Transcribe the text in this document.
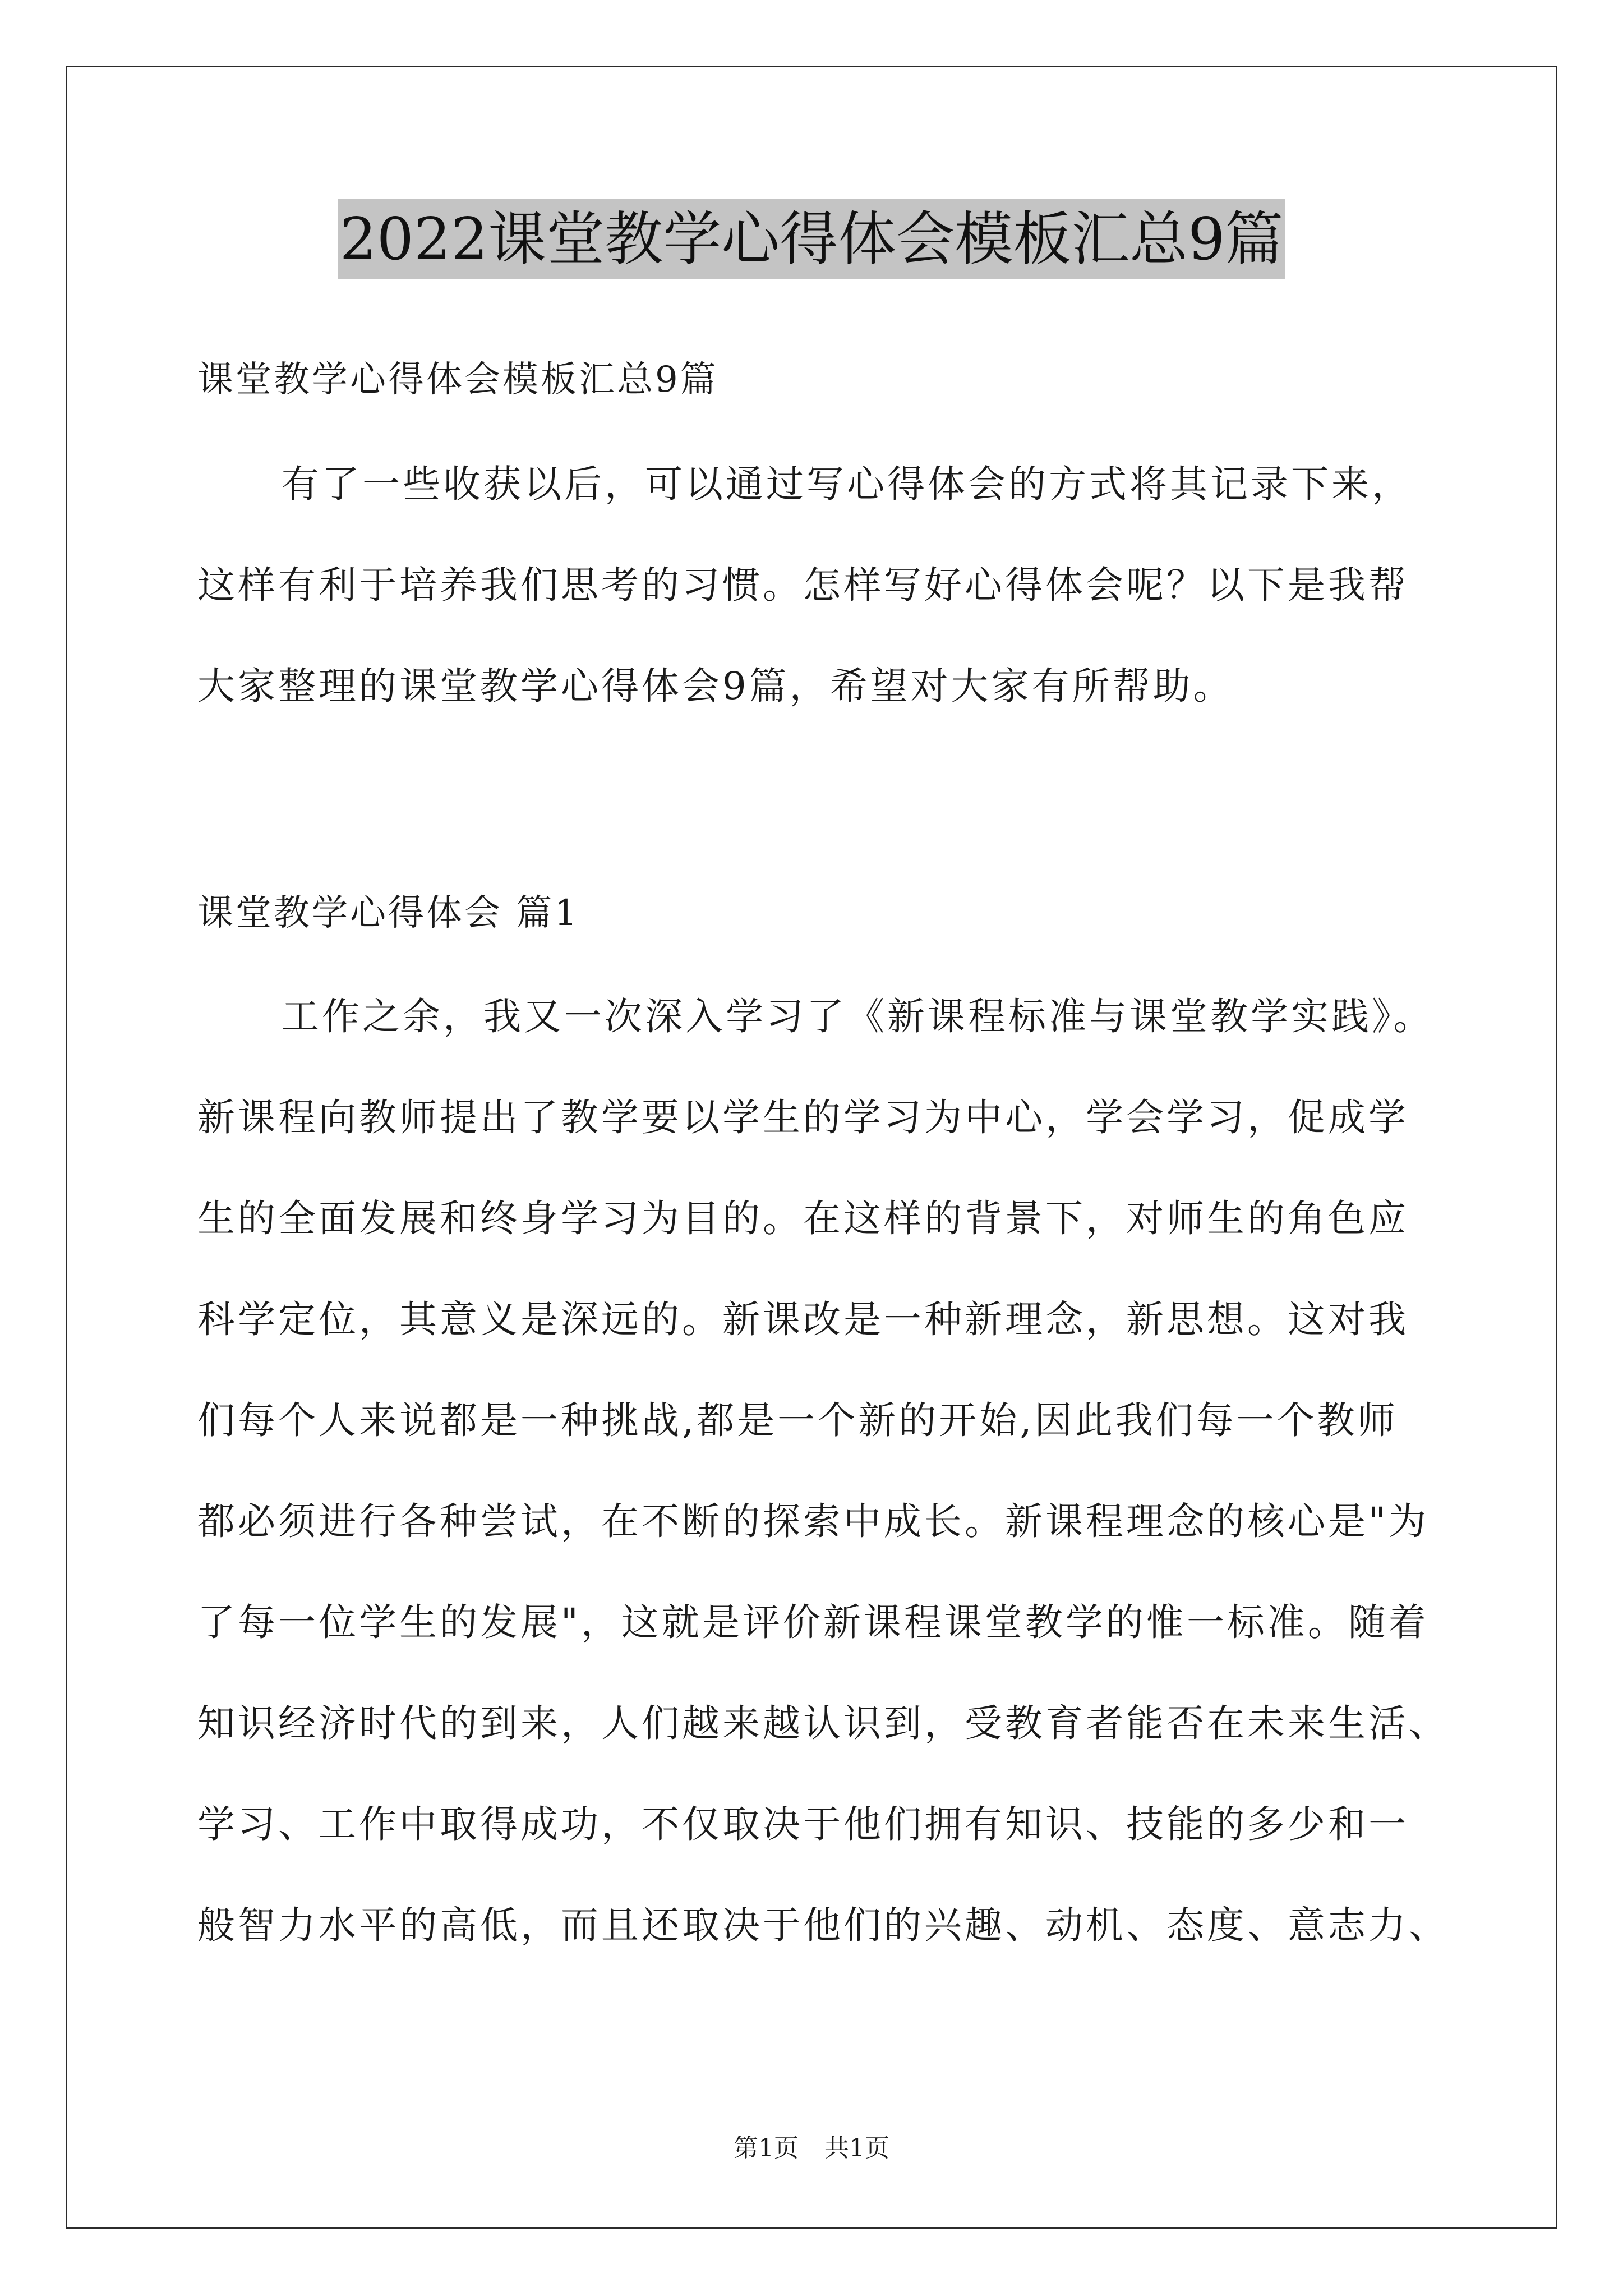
2022课堂教学心得体会模板汇总9篇
课堂教学心得体会模板汇总9篇
有了一些收获以后，可以通过写心得体会的方式将其记录下来，
这样有利于培养我们思考的习惯。怎样写好心得体会呢？以下是我帮
大家整理的课堂教学心得体会9篇，希望对大家有所帮助。
课堂教学心得体会 篇1
工作之余，我又一次深入学习了《新课程标准与课堂教学实践》。
新课程向教师提出了教学要以学生的学习为中心，学会学习，促成学
生的全面发展和终身学习为目的。在这样的背景下，对师生的角色应
科学定位，其意义是深远的。新课改是一种新理念，新思想。这对我
们每个人来说都是一种挑战,都是一个新的开始,因此我们每一个教师
都必须进行各种尝试，在不断的探索中成长。新课程理念的核心是"为
了每一位学生的发展"，这就是评价新课程课堂教学的惟一标准。随着
知识经济时代的到来，人们越来越认识到，受教育者能否在未来生活、
学习、工作中取得成功，不仅取决于他们拥有知识、技能的多少和一
般智力水平的高低，而且还取决于他们的兴趣、动机、态度、意志力、
第1页 共1页
